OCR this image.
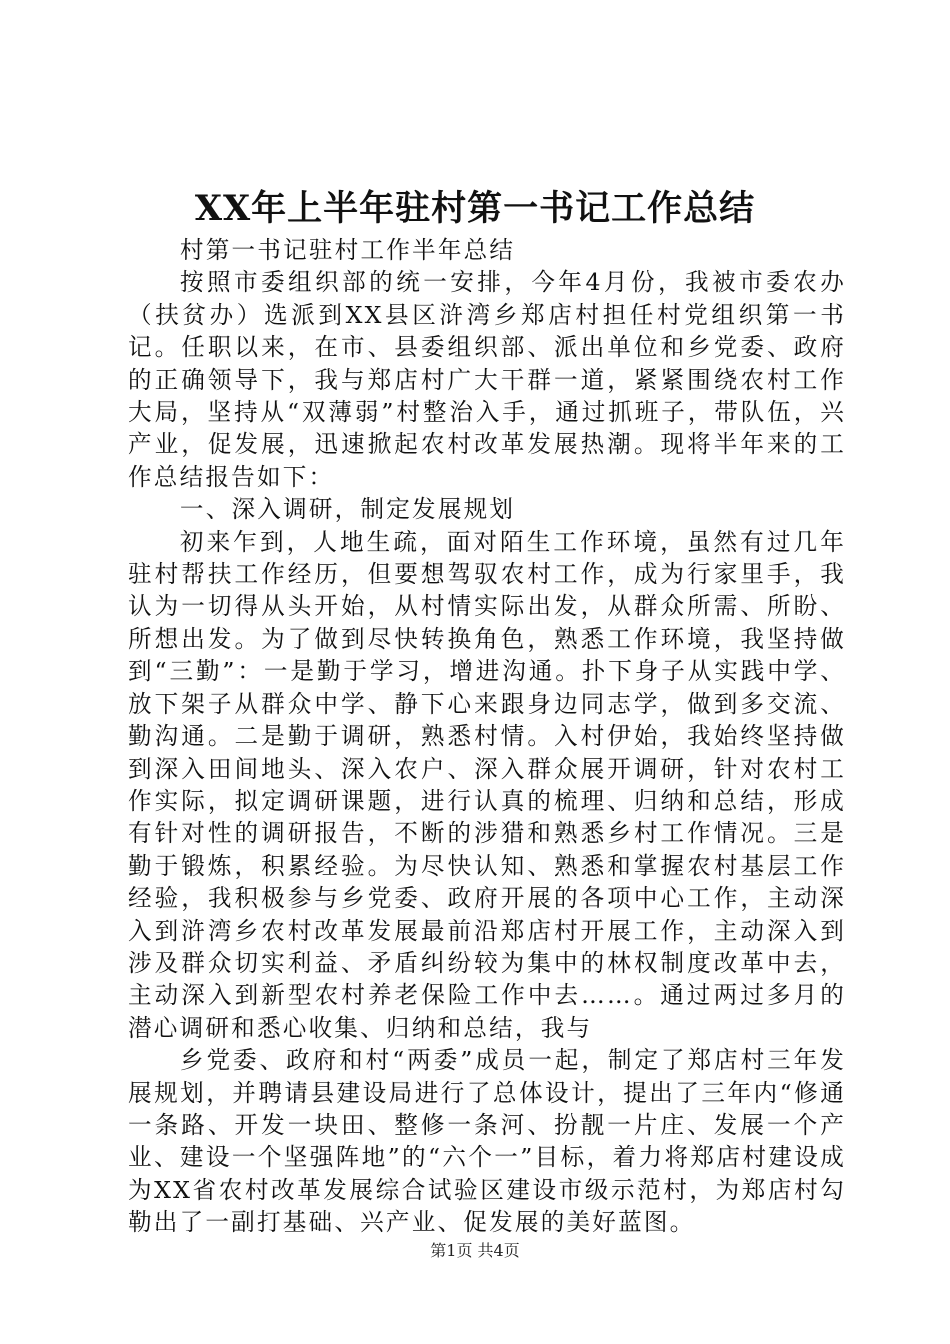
XX年上半年驻村第一书记工作总结

村第一书记驻村工作半年总结

按照市委组织部的统一安排，今年4月份，我被市委农办（扶贫办）选派到XX县区浒湾乡郑店村担任村党组织第一书记。任职以来，在市、县委组织部、派出单位和乡党委、政府的正确领导下，我与郑店村广大干群一道，紧紧围绕农村工作大局，坚持从“双薄弱”村整治入手，通过抓班子，带队伍，兴产业，促发展，迅速掀起农村改革发展热潮。现将半年来的工作总结报告如下：

一、深入调研，制定发展规划

初来乍到，人地生疏，面对陌生工作环境，虽然有过几年驻村帮扶工作经历，但要想驾驭农村工作，成为行家里手，我认为一切得从头开始，从村情实际出发，从群众所需、所盼、所想出发。为了做到尽快转换角色，熟悉工作环境，我坚持做到“三勤”：一是勤于学习，增进沟通。扑下身子从实践中学、放下架子从群众中学、静下心来跟身边同志学，做到多交流、勤沟通。二是勤于调研，熟悉村情。入村伊始，我始终坚持做到深入田间地头、深入农户、深入群众展开调研，针对农村工作实际，拟定调研课题，进行认真的梳理、归纳和总结，形成有针对性的调研报告，不断的涉猎和熟悉乡村工作情况。三是勤于锻炼，积累经验。为尽快认知、熟悉和掌握农村基层工作经验，我积极参与乡党委、政府开展的各项中心工作，主动深入到浒湾乡农村改革发展最前沿郑店村开展工作，主动深入到涉及群众切实利益、矛盾纠纷较为集中的林权制度改革中去，主动深入到新型农村养老保险工作中去……。通过两过多月的潜心调研和悉心收集、归纳和总结，我与

乡党委、政府和村“两委”成员一起，制定了郑店村三年发展规划，并聘请县建设局进行了总体设计，提出了三年内“修通一条路、开发一块田、整修一条河、扮靓一片庄、发展一个产业、建设一个坚强阵地”的“六个一”目标，着力将郑店村建设成为XX省农村改革发展综合试验区建设市级示范村，为郑店村勾勒出了一副打基础、兴产业、促发展的美好蓝图。

第1页 共4页
